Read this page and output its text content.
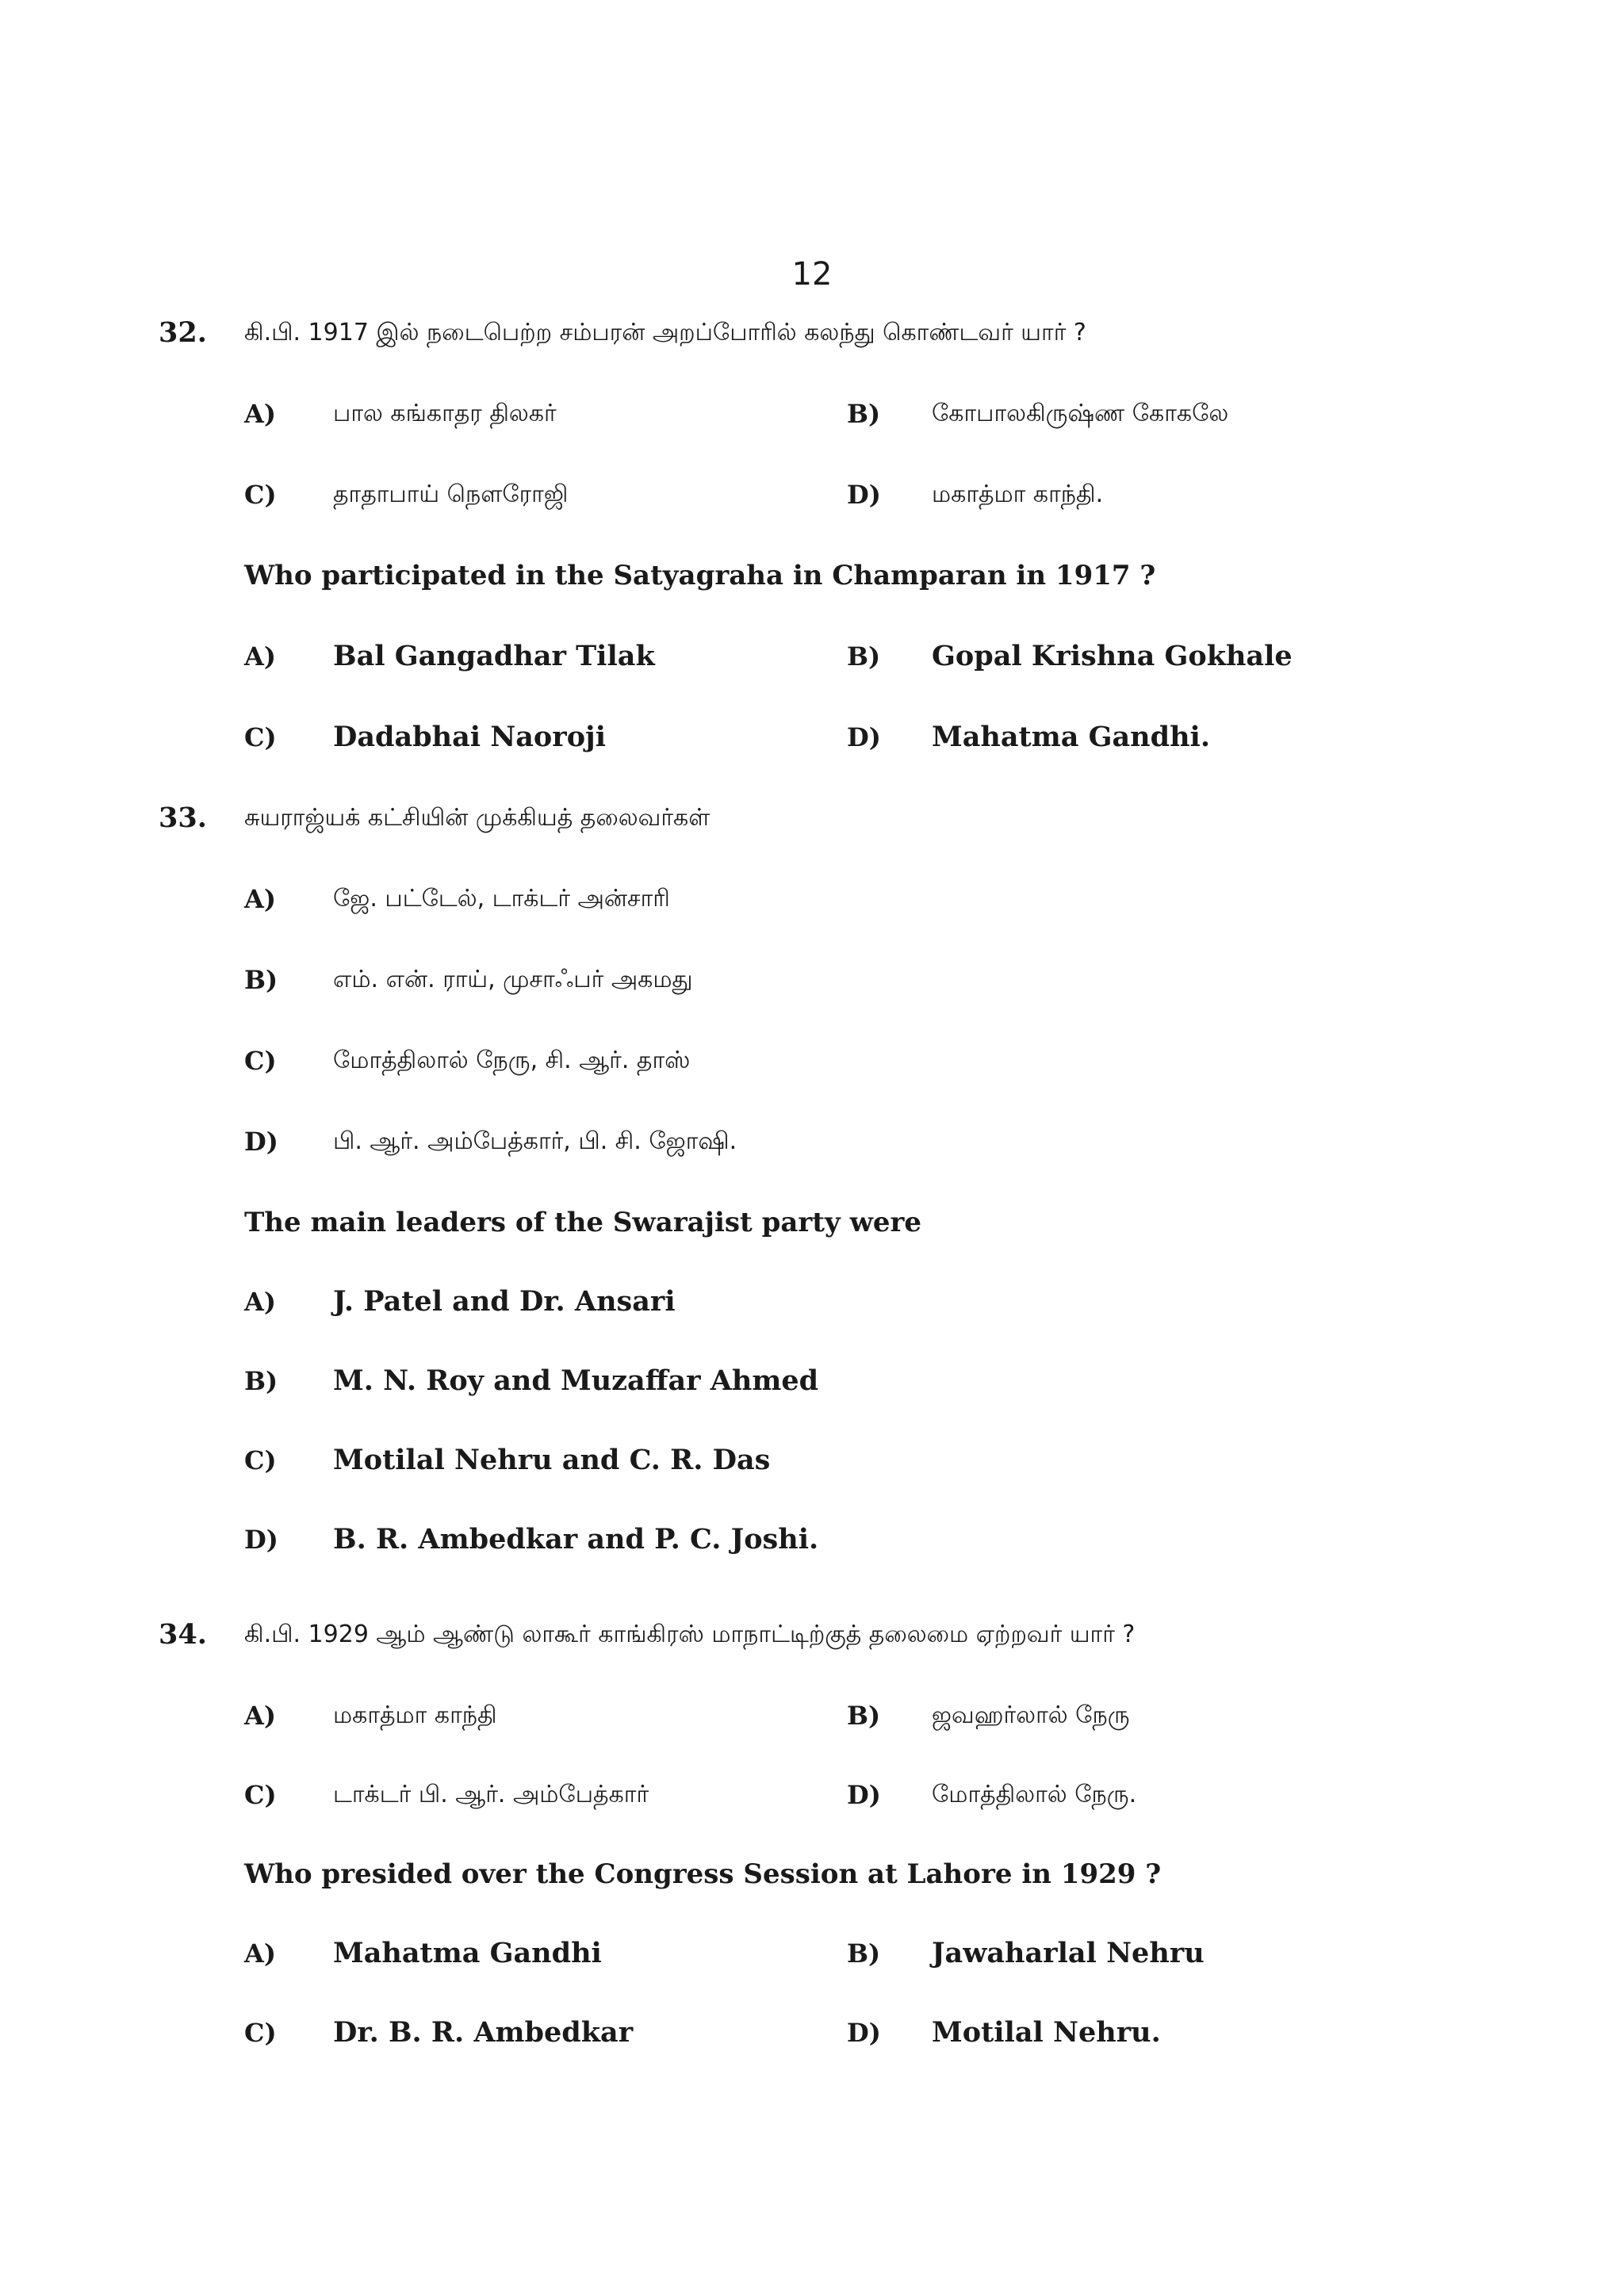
12
32. கி.பி. 1917 இல் நடைபெற்ற சம்பரன் அறப்போரில் கலந்து கொண்டவர் யார் ?
A) பால கங்காதர திலகர்	B) கோபாலகிருஷ்ண கோகலே
C) தாதாபாய் நௌரோஜி	D) மகாத்மா காந்தி.
Who participated in the Satyagraha in Champaran in 1917 ?
A) Bal Gangadhar Tilak	B) Gopal Krishna Gokhale
C) Dadabhai Naoroji	D) Mahatma Gandhi.
33. சுயராஜ்யக் கட்சியின் முக்கியத் தலைவர்கள்
A) ஜே. பட்டேல், டாக்டர் அன்சாரி
B) எம். என். ராய், முசாஃபர் அகமது
C) மோத்திலால் நேரு, சி. ஆர். தாஸ்
D) பி. ஆர். அம்பேத்கார், பி. சி. ஜோஷி.
The main leaders of the Swarajist party were
A) J. Patel and Dr. Ansari
B) M. N. Roy and Muzaffar Ahmed
C) Motilal Nehru and C. R. Das
D) B. R. Ambedkar and P. C. Joshi.
34. கி.பி. 1929 ஆம் ஆண்டு லாகூர் காங்கிரஸ் மாநாட்டிற்குத் தலைமை ஏற்றவர் யார் ?
A) மகாத்மா காந்தி	B) ஜவஹர்லால் நேரு
C) டாக்டர் பி. ஆர். அம்பேத்கார்	D) மோத்திலால் நேரு.
Who presided over the Congress Session at Lahore in 1929 ?
A) Mahatma Gandhi	B) Jawaharlal Nehru
C) Dr. B. R. Ambedkar	D) Motilal Nehru.
